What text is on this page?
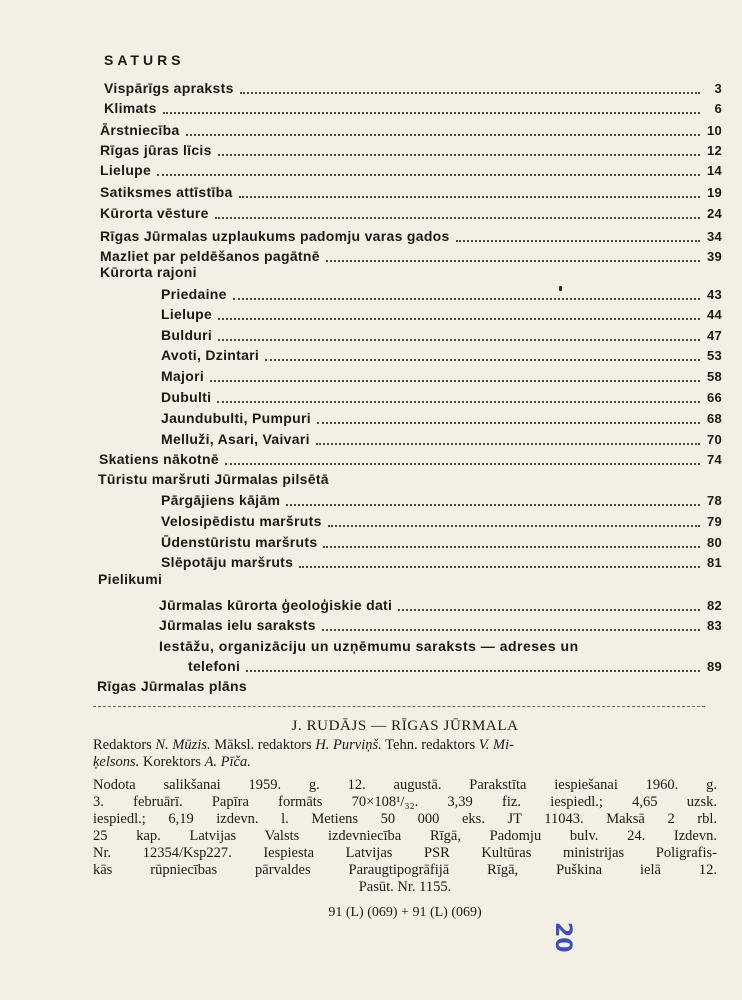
SATURS
Vispārīgs apraksts	3
Klimats	6
Ārstniecība	10
Rīgas jūras līcis	12
Lielupe	14
Satiksmes attīstība	19
Kūrorta vēsture	24
Rīgas Jūrmalas uzplaukums padomju varas gados	34
Mazliet par peldēšanos pagātnē	39
Kūrorta rajoni
Priedaine	43
Lielupe	44
Bulduri	47
Avoti, Dzintari	53
Majori	58
Dubulti	66
Jaundubulti, Pumpuri	68
Melluži, Asari, Vaivari	70
Skatiens nākotnē	74
Tūristu maršruti Jūrmalas pilsētā
Pārgājiens kājām	78
Velosipēdistu maršruts	79
Ūdenstūristu maršruts	80
Slēpotāju maršruts	81
Pielikumi
Jūrmalas kūrorta ģeoloģiskie dati	82
Jūrmalas ielu saraksts	83
Iestāžu, organizāciju un uzņēmumu saraksts — adreses un
telefoni	89
Rīgas Jūrmalas plāns
J. RUDĀJS — RĪGAS JŪRMALA
Redaktors N. Mūzis. Māksl. redaktors H. Purviņš. Tehn. redaktors V. Mi-
ķelsons. Korektors A. Pīča.
Nodota salikšanai 1959. g. 12. augustā. Parakstīta iespiešanai 1960. g.
3. februārī. Papīra formāts 70×108¹/₃₂. 3,39 fiz. iespiedl.; 4,65 uzsk.
iespiedl.; 6,19 izdevn. l. Metiens 50 000 eks. JT 11043. Maksā 2 rbl.
25 kap. Latvijas Valsts izdevniecība Rīgā, Padomju bulv. 24. Izdevn.
Nr. 12354/Ksp227. Iespiesta Latvijas PSR Kultūras ministrijas Poligrafis-
kās rūpniecības pārvaldes Paraugtipogrāfijā Rīgā, Puškina ielā 12.
Pasūt. Nr. 1155.
91 (L) (069) + 91 (L) (069)
20
